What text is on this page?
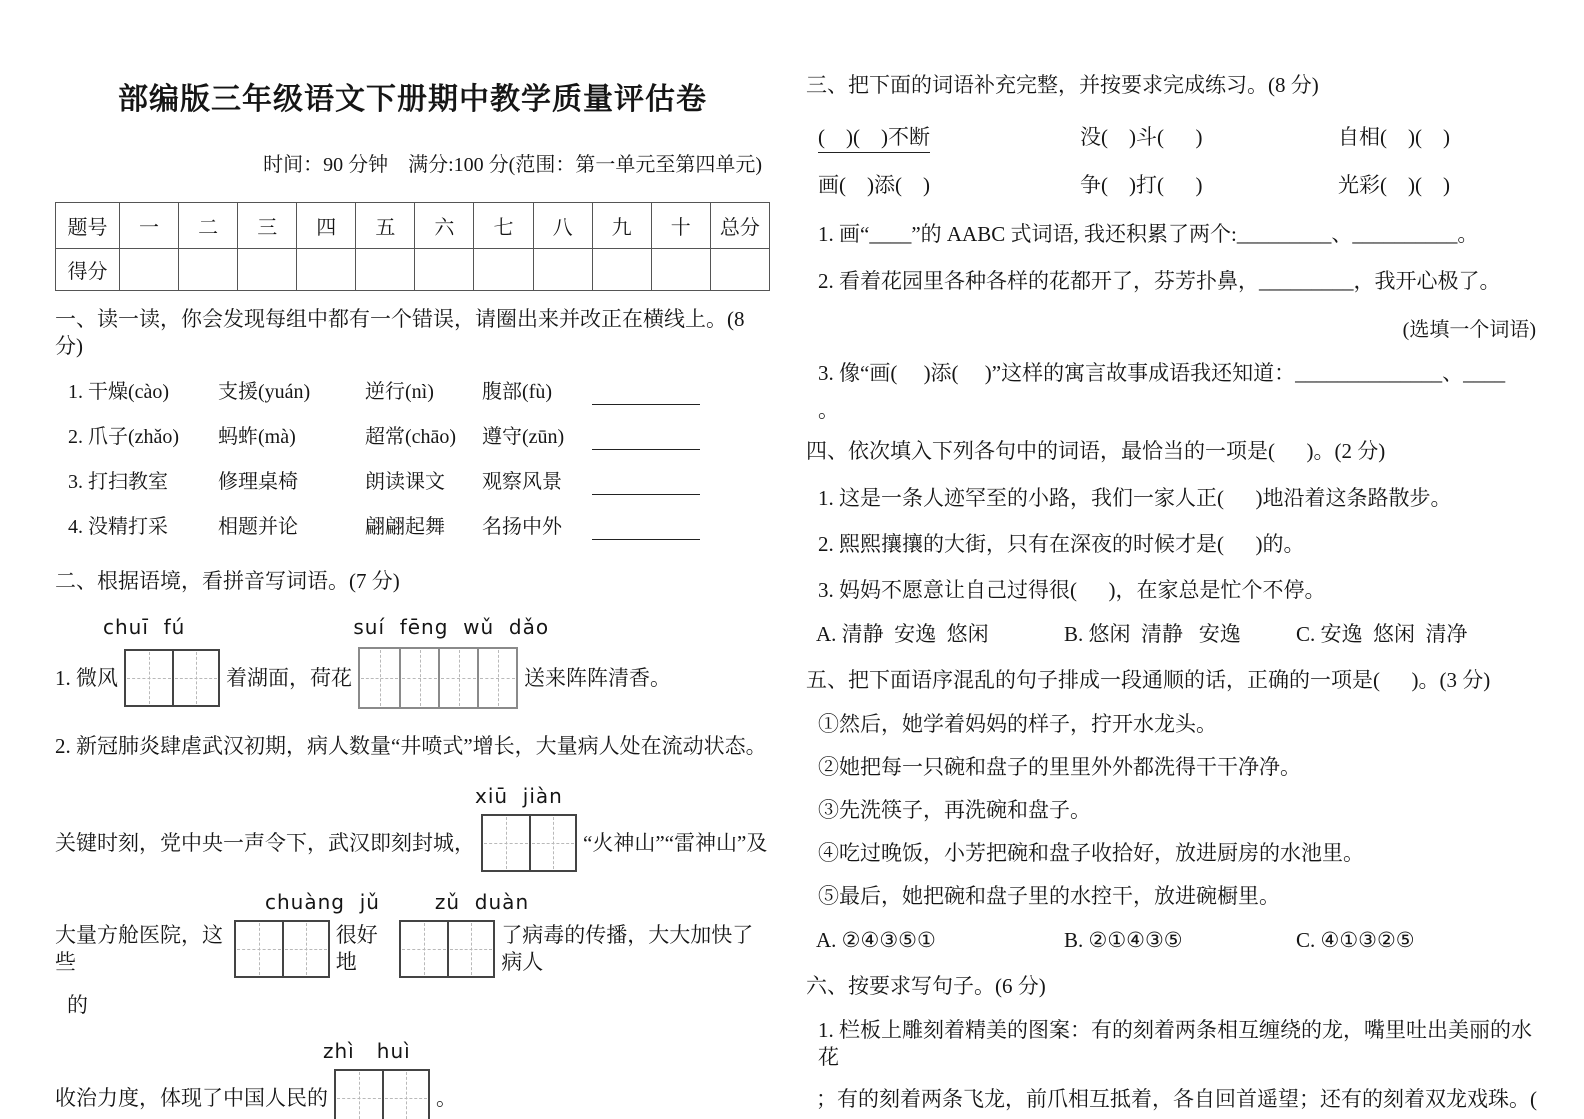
部编版三年级语文下册期中教学质量评估卷
时间：90 分钟    满分:100 分(范围：第一单元至第四单元)
题号	一	二	三	四	五	六	七	八	九	十	总分
得分											
一、读一读，你会发现每组中都有一个错误，请圈出来并改正在横线上。(8 分)
1. 干燥(cào)	支援(yuán)	逆行(nì)	腹部(fù)
2. 爪子(zhǎo)	蚂蚱(mà)	超常(chāo)	遵守(zūn)
3. 打扫教室	修理桌椅	朗读课文	观察风景
4. 没精打采	相题并论	翩翩起舞	名扬中外
二、根据语境，看拼音写词语。(7 分)
chuī  fú	suí  fēng  wǔ  dǎo
1. 微风	着湖面，荷花	送来阵阵清香。
2. 新冠肺炎肆虐武汉初期，病人数量“井喷式”增长，大量病人处在流动状态。
xiū  jiàn
关键时刻，党中央一声令下，武汉即刻封城，	“火神山”“雷神山”及
chuàng  jǔ	zǔ  duàn
大量方舱医院，这些
很好地
了病毒的传播，大大加快了病人
的
zhì   huì
收治力度，体现了中国人民的	。
三、把下面的词语补充完整，并按要求完成练习。(8 分)
(    )(    )不断	没(    )斗(      )	自相(    )(    )
画(    )添(    )	争(    )打(      )	光彩(    )(    )
1. 画“____”的 AABC 式词语, 我还积累了两个:_________、__________。
2. 看着花园里各种各样的花都开了，芬芳扑鼻，_________，我开心极了。
(选填一个词语)
3. 像“画(     )添(     )”这样的寓言故事成语我还知道：______________、____
。
四、依次填入下列各句中的词语，最恰当的一项是(      )。(2 分)
1. 这是一条人迹罕至的小路，我们一家人正(      )地沿着这条路散步。
2. 熙熙攘攘的大街，只有在深夜的时候才是(      )的。
3. 妈妈不愿意让自己过得很(      )，在家总是忙个不停。
A. 清静  安逸  悠闲	B. 悠闲  清静   安逸	C. 安逸  悠闲  清净
五、把下面语序混乱的句子排成一段通顺的话，正确的一项是(      )。(3 分)
①然后，她学着妈妈的样子，拧开水龙头。
②她把每一只碗和盘子的里里外外都洗得干干净净。
③先洗筷子，再洗碗和盘子。
④吃过晚饭，小芳把碗和盘子收拾好，放进厨房的水池里。
⑤最后，她把碗和盘子里的水控干，放进碗橱里。
A. ②④③⑤①	B. ②①④③⑤	C. ④①③②⑤
六、按要求写句子。(6 分)
1. 栏板上雕刻着精美的图案：有的刻着两条相互缠绕的龙，嘴里吐出美丽的水花
；有的刻着两条飞龙，前爪相互抵着，各自回首遥望；还有的刻着双龙戏珠。(
